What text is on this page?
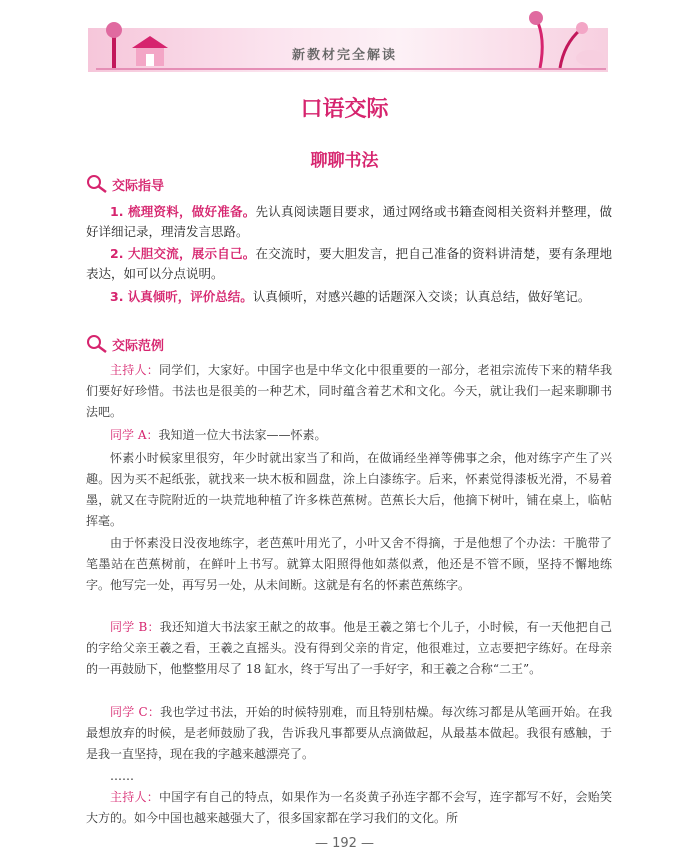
新教材完全解读
口语交际
聊聊书法
交际指导

1. 梳理资料，做好准备。先认真阅读题目要求，通过网络或书籍查阅相关资料并整理，做好详细记录，理清发言思路。

2. 大胆交流，展示自己。在交流时，要大胆发言，把自己准备的资料讲清楚，要有条理地表达，如可以分点说明。

3. 认真倾听，评价总结。认真倾听，对感兴趣的话题深入交谈；认真总结，做好笔记。

交际范例

主持人：同学们，大家好。中国字也是中华文化中很重要的一部分，老祖宗流传下来的精华我们要好好珍惜。书法也是很美的一种艺术，同时蕴含着艺术和文化。今天，就让我们一起来聊聊书法吧。

同学 A：我知道一位大书法家——怀素。

怀素小时候家里很穷，年少时就出家当了和尚，在做诵经坐禅等佛事之余，他对练字产生了兴趣。因为买不起纸张，就找来一块木板和圆盘，涂上白漆练字。后来，怀素觉得漆板光滑，不易着墨，就又在寺院附近的一块荒地种植了许多株芭蕉树。芭蕉长大后，他摘下树叶，铺在桌上，临帖挥毫。

由于怀素没日没夜地练字，老芭蕉叶用光了，小叶又舍不得摘，于是他想了个办法：干脆带了笔墨站在芭蕉树前，在鲜叶上书写。就算太阳照得他如蒸似煮，他还是不管不顾，坚持不懈地练字。他写完一处，再写另一处，从未间断。这就是有名的怀素芭蕉练字。

同学 B：我还知道大书法家王献之的故事。他是王羲之第七个儿子，小时候，有一天他把自己的字给父亲王羲之看，王羲之直摇头。没有得到父亲的肯定，他很难过，立志要把字练好。在母亲的一再鼓励下，他整整用尽了 18 缸水，终于写出了一手好字，和王羲之合称“二王”。

同学 C：我也学过书法，开始的时候特别难，而且特别枯燥。每次练习都是从笔画开始。在我最想放弃的时候，是老师鼓励了我，告诉我凡事都要从点滴做起，从最基本做起。我很有感触，于是我一直坚持，现在我的字越来越漂亮了。

……

主持人：中国字有自己的特点，如果作为一名炎黄子孙连字都不会写，连字都写不好，会贻笑大方的。如今中国也越来越强大了，很多国家都在学习我们的文化。所

— 192 —
